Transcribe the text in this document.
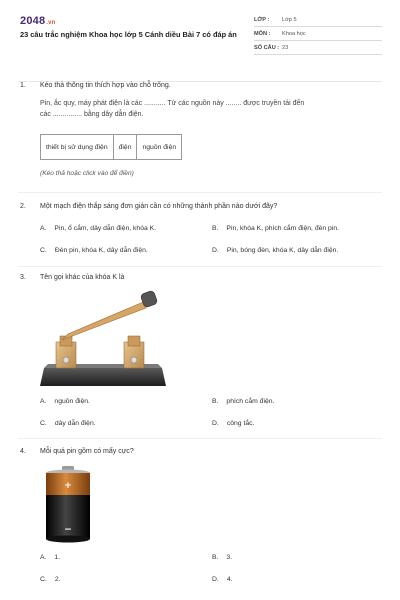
2048.vn
23 câu trắc nghiệm Khoa học lớp 5 Cánh diều Bài 7 có đáp án
LỚP :	Lớp 5
MÔN :	Khoa học
SỐ CÂU : 23
1. Kéo thả thông tin thích hợp vào chỗ trống.
Pin, ắc quy, máy phát điện là các ........... Từ các nguồn này ........ được truyền tải đến
các ............... bằng dây dẫn điện.
thiết bị sử dụng điện	điện	nguồn điện
(Kéo thả hoặc click vào để điền)
2. Một mạch điện thắp sáng đơn giản cần có những thành phần nào dưới đây?
A. Pin, ổ cắm, dây dẫn điện, khóa K.	B. Pin, khóa K, phích cắm điện, đèn pin.
C. Đèn pin, khóa K, dây dẫn điện.	D. Pin, bóng đèn, khóa K, dây dẫn điện.
3. Tên gọi khác của khóa K là
A. nguồn điện.	B. phích cắm điện.
C. dây dẫn điện.	D. công tắc.
4. Mỗi quả pin gồm có mấy cực?
+
−
A. 1.	B. 3.
C. 2.	D. 4.
